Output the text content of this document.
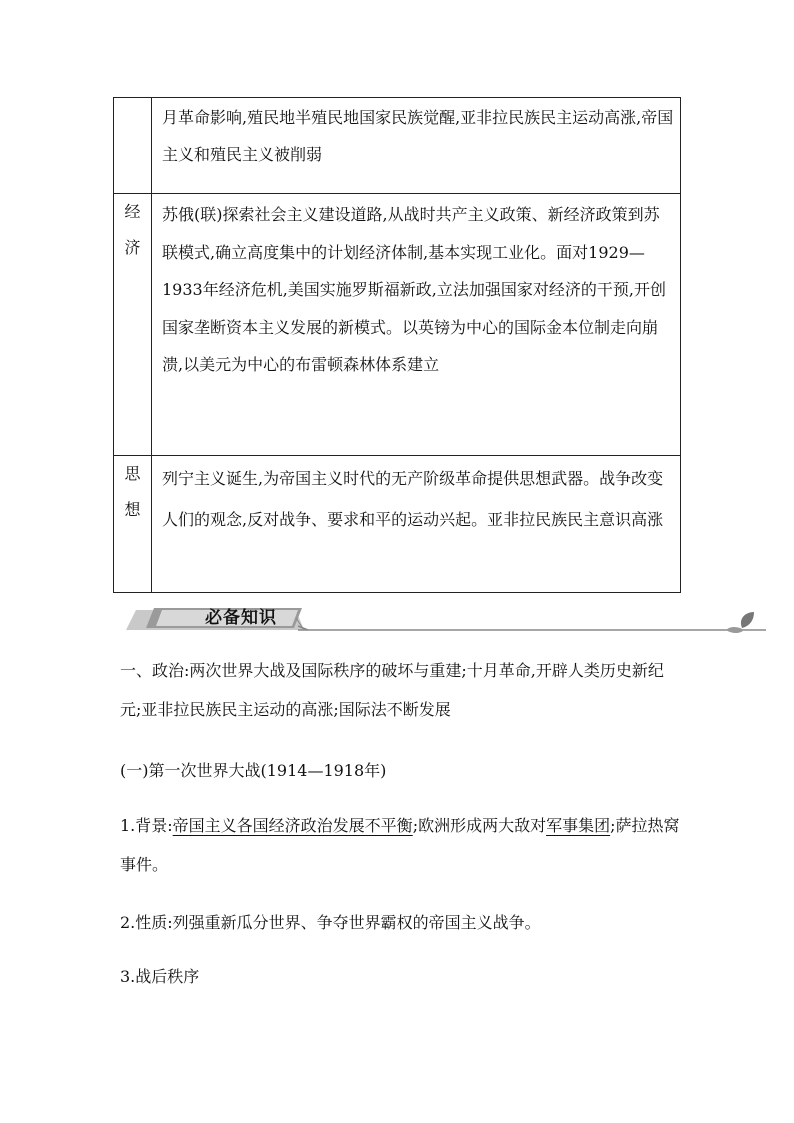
	月革命影响,殖民地半殖民地国家民族觉醒,亚非拉民族民主运动高涨,帝国主义和殖民主义被削弱

经
济	苏俄(联)探索社会主义建设道路,从战时共产主义政策、新经济政策到苏联模式,确立高度集中的计划经济体制,基本实现工业化。面对1929—1933年经济危机,美国实施罗斯福新政,立法加强国家对经济的干预,开创国家垄断资本主义发展的新模式。以英镑为中心的国际金本位制走向崩溃,以美元为中心的布雷顿森林体系建立

思
想	列宁主义诞生,为帝国主义时代的无产阶级革命提供思想武器。战争改变人们的观念,反对战争、要求和平的运动兴起。亚非拉民族民主意识高涨
必备知识
一、政治:两次世界大战及国际秩序的破坏与重建;十月革命,开辟人类历史新纪元;亚非拉民族民主运动的高涨;国际法不断发展
(一)第一次世界大战(1914—1918年)
1.背景:帝国主义各国经济政治发展不平衡;欧洲形成两大敌对军事集团;萨拉热窝事件。
2.性质:列强重新瓜分世界、争夺世界霸权的帝国主义战争。
3.战后秩序
